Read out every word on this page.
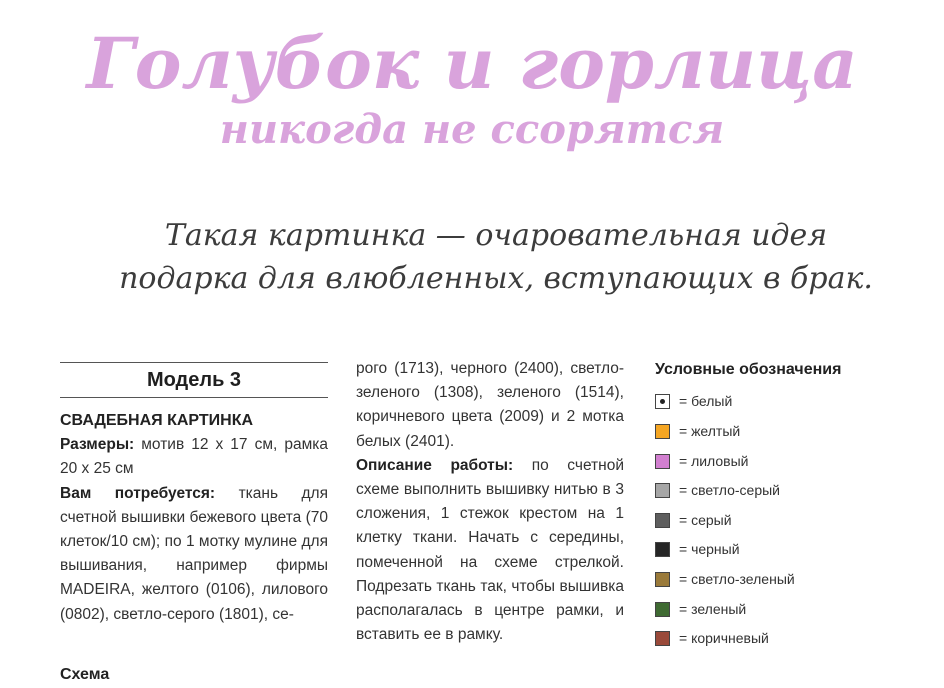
Голубок и горлица
никогда не ссорятся

Такая картинка — очаровательная идея
подарка для влюбленных, вступающих в брак.

Модель 3

СВАДЕБНАЯ КАРТИНКА

Размеры: мотив 12 х 17 см, рамка 20 х 25 см

Вам потребуется: ткань для счетной вышивки бежевого цвета (70 клеток/10 см); по 1 мотку мулине для вышивания, например фирмы MADEIRA, желтого (0106), лилового (0802), светло-серого (1801), се-

рого (1713), черного (2400), светло-зеленого (1308), зеленого (1514), коричневого цвета (2009) и 2 мотка белых (2401).

Описание работы: по счетной схеме выполнить вышивку нитью в 3 сложения, 1 стежок крестом на 1 клетку ткани. Начать с середины, помеченной на схеме стрелкой. Подрезать ткань так, чтобы вышивка располагалась в центре рамки, и вставить ее в рамку.

Условные обозначения
= белый
= желтый
= лиловый
= светло-серый
= серый
= черный
= светло-зеленый
= зеленый
= коричневый
Схема
